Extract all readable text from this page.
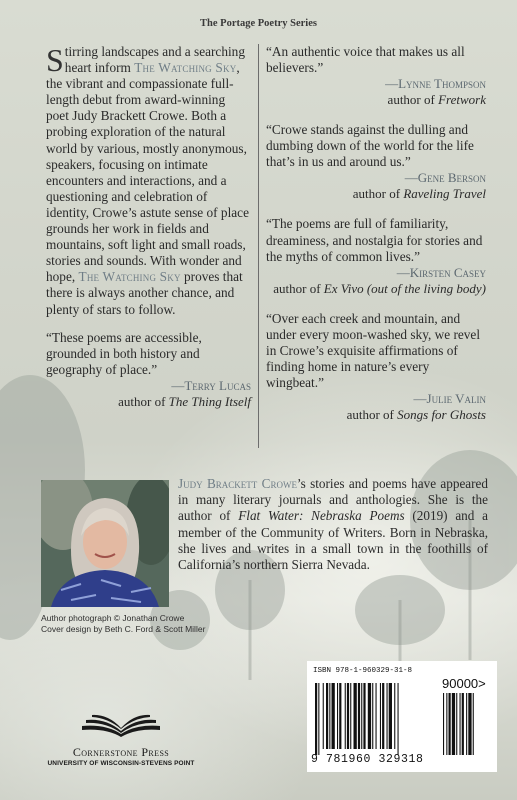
The Portage Poetry Series

Stirring landscapes and a searching heart inform The Watching Sky, the vibrant and compassionate full-length debut from award-winning poet Judy Brackett Crowe. Both a probing exploration of the natural world by various, mostly anonymous, speakers, focusing on intimate encounters and interactions, and a questioning and celebration of identity, Crowe’s astute sense of place grounds her work in fields and mountains, soft light and small roads, stories and sounds. With wonder and hope, The Watching Sky proves that there is always another chance, and plenty of stars to follow.

“These poems are accessible, grounded in both history and geography of place.”

—Terry Lucas
author of The Thing Itself

“An authentic voice that makes us all believers.”

—Lynne Thompson
author of Fretwork

“Crowe stands against the dulling and dumbing down of the world for the life that’s in us and around us.”

—Gene Berson
author of Raveling Travel

“The poems are full of familiarity, dreaminess, and nostalgia for stories and the myths of common lives.”

—Kirsten Casey
author of Ex Vivo (out of the living body)

“Over each creek and mountain, and under every moon-washed sky, we revel in Crowe’s exquisite affirmations of finding home in nature’s every wingbeat.”

—Julie Valin
author of Songs for Ghosts
Judy Brackett Crowe’s stories and poems have appeared in many literary journals and anthologies. She is the author of Flat Water: Nebraska Poems (2019) and a member of the Community of Writers. Born in Nebraska, she lives and writes in a small town in the foothills of California’s northern Sierra Nevada.
Author photograph © Jonathan Crowe
Cover design by Beth C. Ford & Scott Miller
ISBN 978-1-960329-31-8
90000>
9 781960 329318
Cornerstone Press
UNIVERSITY OF WISCONSIN-STEVENS POINT
